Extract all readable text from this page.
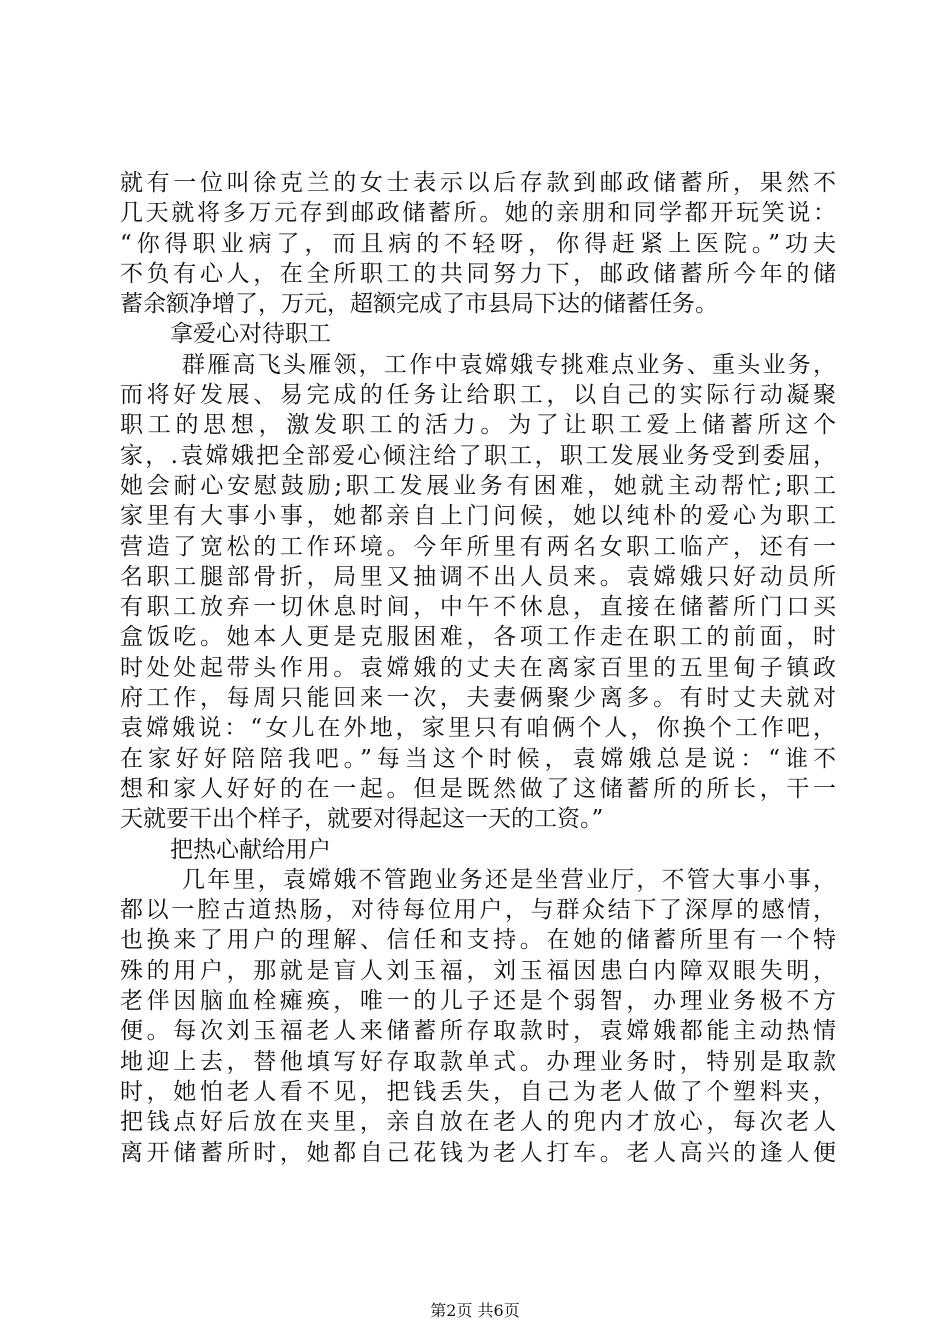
就有一位叫徐克兰的女士表示以后存款到邮政储蓄所，果然不
几天就将多万元存到邮政储蓄所。她的亲朋和同学都开玩笑说：
“你得职业病了，而且病的不轻呀，你得赶紧上医院。”功夫
不负有心人，在全所职工的共同努力下，邮政储蓄所今年的储
蓄余额净增了，万元，超额完成了市县局下达的储蓄任务。
拿爱心对待职工
群雁高飞头雁领，工作中袁嫦娥专挑难点业务、重头业务，
而将好发展、易完成的任务让给职工，以自己的实际行动凝聚
职工的思想，激发职工的活力。为了让职工爱上储蓄所这个
家，.袁嫦娥把全部爱心倾注给了职工，职工发展业务受到委屈，
她会耐心安慰鼓励;职工发展业务有困难，她就主动帮忙;职工
家里有大事小事，她都亲自上门问候，她以纯朴的爱心为职工
营造了宽松的工作环境。今年所里有两名女职工临产，还有一
名职工腿部骨折，局里又抽调不出人员来。袁嫦娥只好动员所
有职工放弃一切休息时间，中午不休息，直接在储蓄所门口买
盒饭吃。她本人更是克服困难，各项工作走在职工的前面，时
时处处起带头作用。袁嫦娥的丈夫在离家百里的五里甸子镇政
府工作，每周只能回来一次，夫妻俩聚少离多。有时丈夫就对
袁嫦娥说：“女儿在外地，家里只有咱俩个人，你换个工作吧，
在家好好陪陪我吧。”每当这个时候，袁嫦娥总是说：“谁不
想和家人好好的在一起。但是既然做了这储蓄所的所长，干一
天就要干出个样子，就要对得起这一天的工资。”
把热心献给用户
几年里，袁嫦娥不管跑业务还是坐营业厅，不管大事小事，
都以一腔古道热肠，对待每位用户，与群众结下了深厚的感情，
也换来了用户的理解、信任和支持。在她的储蓄所里有一个特
殊的用户，那就是盲人刘玉福，刘玉福因患白内障双眼失明，
老伴因脑血栓瘫痪，唯一的儿子还是个弱智，办理业务极不方
便。每次刘玉福老人来储蓄所存取款时，袁嫦娥都能主动热情
地迎上去，替他填写好存取款单式。办理业务时，特别是取款
时，她怕老人看不见，把钱丢失，自己为老人做了个塑料夹，
把钱点好后放在夹里，亲自放在老人的兜内才放心，每次老人
离开储蓄所时，她都自己花钱为老人打车。老人高兴的逢人便
第2页 共6页
